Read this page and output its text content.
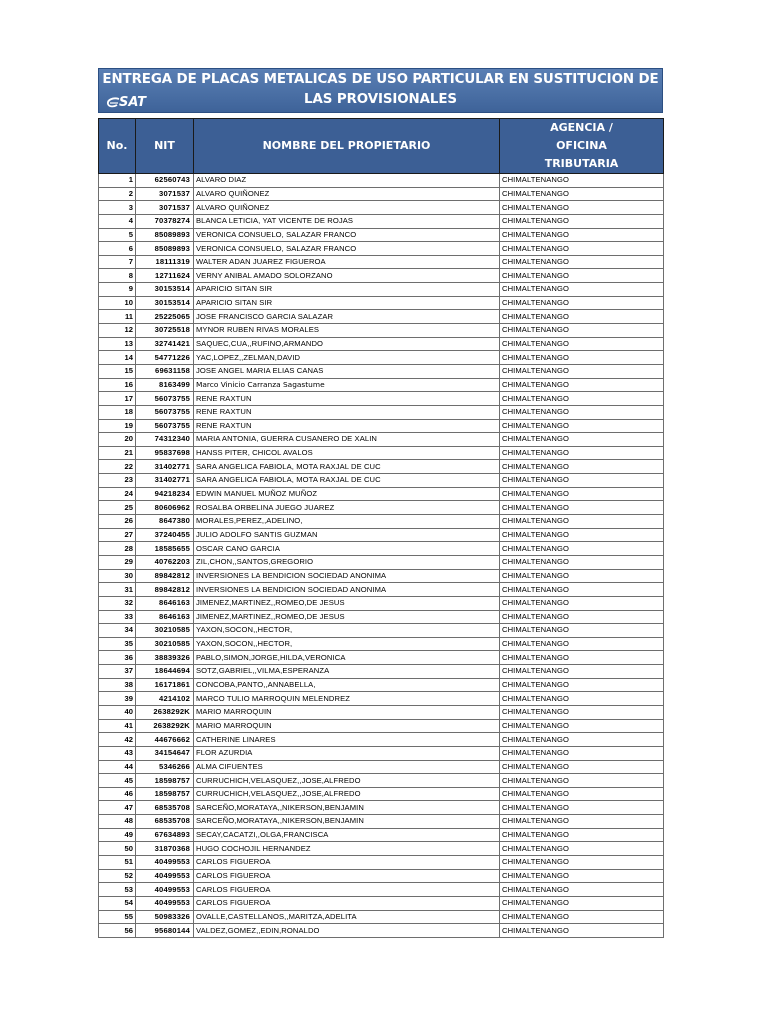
ENTREGA DE PLACAS METALICAS DE USO PARTICULAR EN SUSTITUCION DE LAS PROVISIONALES
SAT
No.	NIT	NOMBRE DEL PROPIETARIO	AGENCIA / OFICINA TRIBUTARIA
1	62560743	ALVARO DIAZ	CHIMALTENANGO
2	3071537	ALVARO QUIÑONEZ	CHIMALTENANGO
3	3071537	ALVARO QUIÑONEZ	CHIMALTENANGO
4	70378274	BLANCA LETICIA, YAT VICENTE DE ROJAS	CHIMALTENANGO
5	85089893	VERONICA CONSUELO, SALAZAR FRANCO	CHIMALTENANGO
6	85089893	VERONICA CONSUELO, SALAZAR FRANCO	CHIMALTENANGO
7	18111319	WALTER ADAN JUAREZ FIGUEROA	CHIMALTENANGO
8	12711624	VERNY ANIBAL AMADO SOLORZANO	CHIMALTENANGO
9	30153514	APARICIO SITAN SIR	CHIMALTENANGO
10	30153514	APARICIO SITAN SIR	CHIMALTENANGO
11	25225065	JOSE FRANCISCO GARCIA SALAZAR	CHIMALTENANGO
12	30725518	MYNOR RUBEN RIVAS MORALES	CHIMALTENANGO
13	32741421	SAQUEC,CUA,,RUFINO,ARMANDO	CHIMALTENANGO
14	54771226	YAC,LOPEZ,,ZELMAN,DAVID	CHIMALTENANGO
15	69631158	JOSE ANGEL MARIA ELIAS CANAS	CHIMALTENANGO
16	8163499	Marco Vinicio Carranza Sagastume	CHIMALTENANGO
17	56073755	RENE RAXTUN	CHIMALTENANGO
18	56073755	RENE RAXTUN	CHIMALTENANGO
19	56073755	RENE RAXTUN	CHIMALTENANGO
20	74312340	MARIA ANTONIA, GUERRA CUSANERO DE XALIN	CHIMALTENANGO
21	95837698	HANSS PITER, CHICOL AVALOS	CHIMALTENANGO
22	31402771	SARA ANGELICA FABIOLA, MOTA RAXJAL DE CUC	CHIMALTENANGO
23	31402771	SARA ANGELICA FABIOLA, MOTA RAXJAL DE CUC	CHIMALTENANGO
24	94218234	EDWIN MANUEL MUÑOZ MUÑOZ	CHIMALTENANGO
25	80606962	ROSALBA ORBELINA JUEGO JUAREZ	CHIMALTENANGO
26	8647380	MORALES,PEREZ,,ADELINO,	CHIMALTENANGO
27	37240455	JULIO ADOLFO SANTIS GUZMAN	CHIMALTENANGO
28	18585655	OSCAR CANO GARCIA	CHIMALTENANGO
29	40762203	ZIL,CHON,,SANTOS,GREGORIO	CHIMALTENANGO
30	89842812	INVERSIONES LA BENDICION SOCIEDAD ANONIMA	CHIMALTENANGO
31	89842812	INVERSIONES LA BENDICION SOCIEDAD ANONIMA	CHIMALTENANGO
32	8646163	JIMENEZ,MARTINEZ,,ROMEO,DE JESUS	CHIMALTENANGO
33	8646163	JIMENEZ,MARTINEZ,,ROMEO,DE JESUS	CHIMALTENANGO
34	30210585	YAXON,SOCON,,HECTOR,	CHIMALTENANGO
35	30210585	YAXON,SOCON,,HECTOR,	CHIMALTENANGO
36	38839326	PABLO,SIMON,JORGE,HILDA,VERONICA	CHIMALTENANGO
37	18644694	SOTZ,GABRIEL,,VILMA,ESPERANZA	CHIMALTENANGO
38	16171861	CONCOBA,PANTO,,ANNABELLA,	CHIMALTENANGO
39	4214102	MARCO TULIO MARROQUIN MELENDREZ	CHIMALTENANGO
40	2638292K	MARIO MARROQUIN	CHIMALTENANGO
41	2638292K	MARIO MARROQUIN	CHIMALTENANGO
42	44676662	CATHERINE LINARES	CHIMALTENANGO
43	34154647	FLOR AZURDIA	CHIMALTENANGO
44	5346266	ALMA CIFUENTES	CHIMALTENANGO
45	18598757	CURRUCHICH,VELASQUEZ,,JOSE,ALFREDO	CHIMALTENANGO
46	18598757	CURRUCHICH,VELASQUEZ,,JOSE,ALFREDO	CHIMALTENANGO
47	68535708	SARCEÑO,MORATAYA,,NIKERSON,BENJAMIN	CHIMALTENANGO
48	68535708	SARCEÑO,MORATAYA,,NIKERSON,BENJAMIN	CHIMALTENANGO
49	67634893	SECAY,CACATZI,,OLGA,FRANCISCA	CHIMALTENANGO
50	31870368	HUGO COCHOJIL HERNANDEZ	CHIMALTENANGO
51	40499553	CARLOS FIGUEROA	CHIMALTENANGO
52	40499553	CARLOS FIGUEROA	CHIMALTENANGO
53	40499553	CARLOS FIGUEROA	CHIMALTENANGO
54	40499553	CARLOS FIGUEROA	CHIMALTENANGO
55	50983326	OVALLE,CASTELLANOS,,MARITZA,ADELITA	CHIMALTENANGO
56	95680144	VALDEZ,GOMEZ,,EDIN,RONALDO	CHIMALTENANGO
